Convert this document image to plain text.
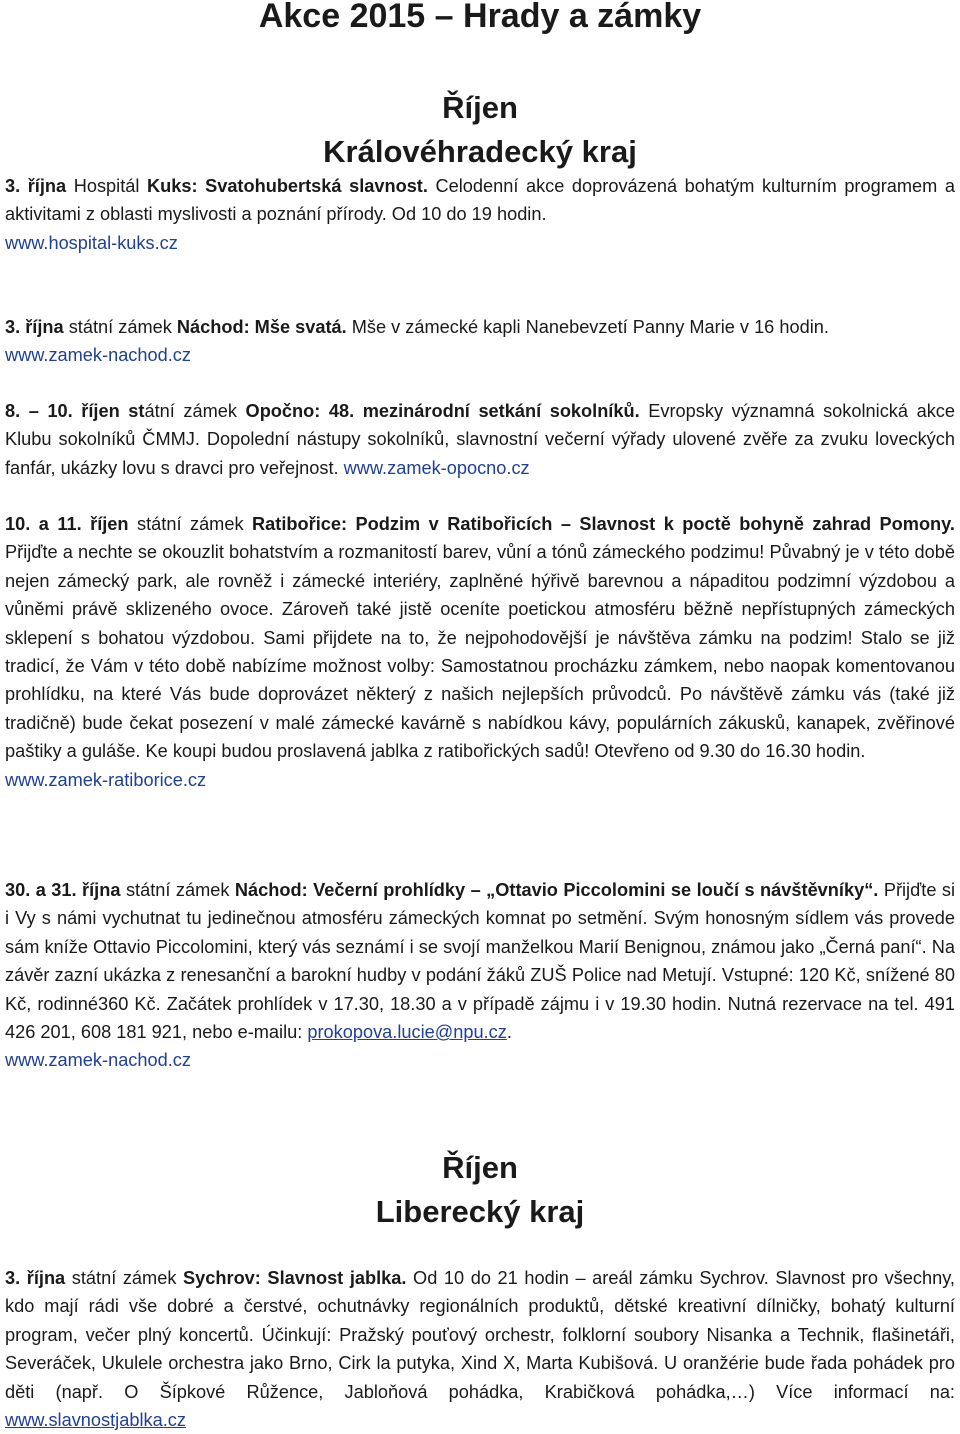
Akce 2015 – Hrady a zámky
Říjen
Královéhradecký kraj

3. října Hospitál Kuks: Svatohubertská slavnost. Celodenní akce doprovázená bohatým kulturním programem a aktivitami z oblasti myslivosti a poznání přírody. Od 10 do 19 hodin.

www.hospital-kuks.cz

3. října státní zámek Náchod: Mše svatá. Mše v zámecké kapli Nanebevzetí Panny Marie v 16 hodin.

www.zamek-nachod.cz

8. – 10. říjen státní zámek Opočno: 48. mezinárodní setkání sokolníků. Evropsky významná sokolnická akce Klubu sokolníků ČMMJ. Dopolední nástupy sokolníků, slavnostní večerní výřady ulovené zvěře za zvuku loveckých fanfár, ukázky lovu s dravci pro veřejnost. www.zamek-opocno.cz

10. a 11. říjen státní zámek Ratibořice: Podzim v Ratibořicích – Slavnost k poctě bohyně zahrad Pomony. Přijďte a nechte se okouzlit bohatstvím a rozmanitostí barev, vůní a tónů zámeckého podzimu! Půvabný je v této době nejen zámecký park, ale rovněž i zámecké interiéry, zaplněné hýřivě barevnou a nápaditou podzimní výzdobou a vůněmi právě sklizeného ovoce. Zároveň také jistě oceníte poetickou atmosféru běžně nepřístupných zámeckých sklepení s bohatou výzdobou. Sami přijdete na to, že nejpohodovější je návštěva zámku na podzim! Stalo se již tradicí, že Vám v této době nabízíme možnost volby: Samostatnou procházku zámkem, nebo naopak komentovanou prohlídku, na které Vás bude doprovázet některý z našich nejlepších průvodců. Po návštěvě zámku vás (také již tradičně) bude čekat posezení v malé zámecké kavárně s nabídkou kávy, populárních zákusků, kanapek, zvěřinové paštiky a guláše. Ke koupi budou proslavená jablka z ratibořických sadů! Otevřeno od 9.30 do 16.30 hodin.

www.zamek-ratiborice.cz

30. a 31. října státní zámek Náchod: Večerní prohlídky – „Ottavio Piccolomini se loučí s návštěvníky“. Přijďte si i Vy s námi vychutnat tu jedinečnou atmosféru zámeckých komnat po setmění. Svým honosným sídlem vás provede sám kníže Ottavio Piccolomini, který vás seznámí i se svojí manželkou Marií Benignou, známou jako „Černá paní“. Na závěr zazní ukázka z renesanční a barokní hudby v podání žáků ZUŠ Police nad Metují. Vstupné: 120 Kč, snížené 80 Kč, rodinné360 Kč. Začátek prohlídek v 17.30, 18.30 a v případě zájmu i v 19.30 hodin. Nutná rezervace na tel. 491 426 201, 608 181 921, nebo e-mailu: prokopova.lucie@npu.cz.

www.zamek-nachod.cz

Říjen
Liberecký kraj

3. října státní zámek Sychrov: Slavnost jablka. Od 10 do 21 hodin – areál zámku Sychrov. Slavnost pro všechny, kdo mají rádi vše dobré a čerstvé, ochutnávky regionálních produktů, dětské kreativní dílničky, bohatý kulturní program, večer plný koncertů. Účinkují: Pražský pouťový orchestr, folklorní soubory Nisanka a Technik, flašinetáři, Severáček, Ukulele orchestra jako Brno, Cirk la putyka, Xind X, Marta Kubišová. U oranžérie bude řada pohádek pro děti (např. O Šípkové Růžence, Jabloňová pohádka, Krabičková pohádka,…) Více informací na: www.slavnostjablka.cz
